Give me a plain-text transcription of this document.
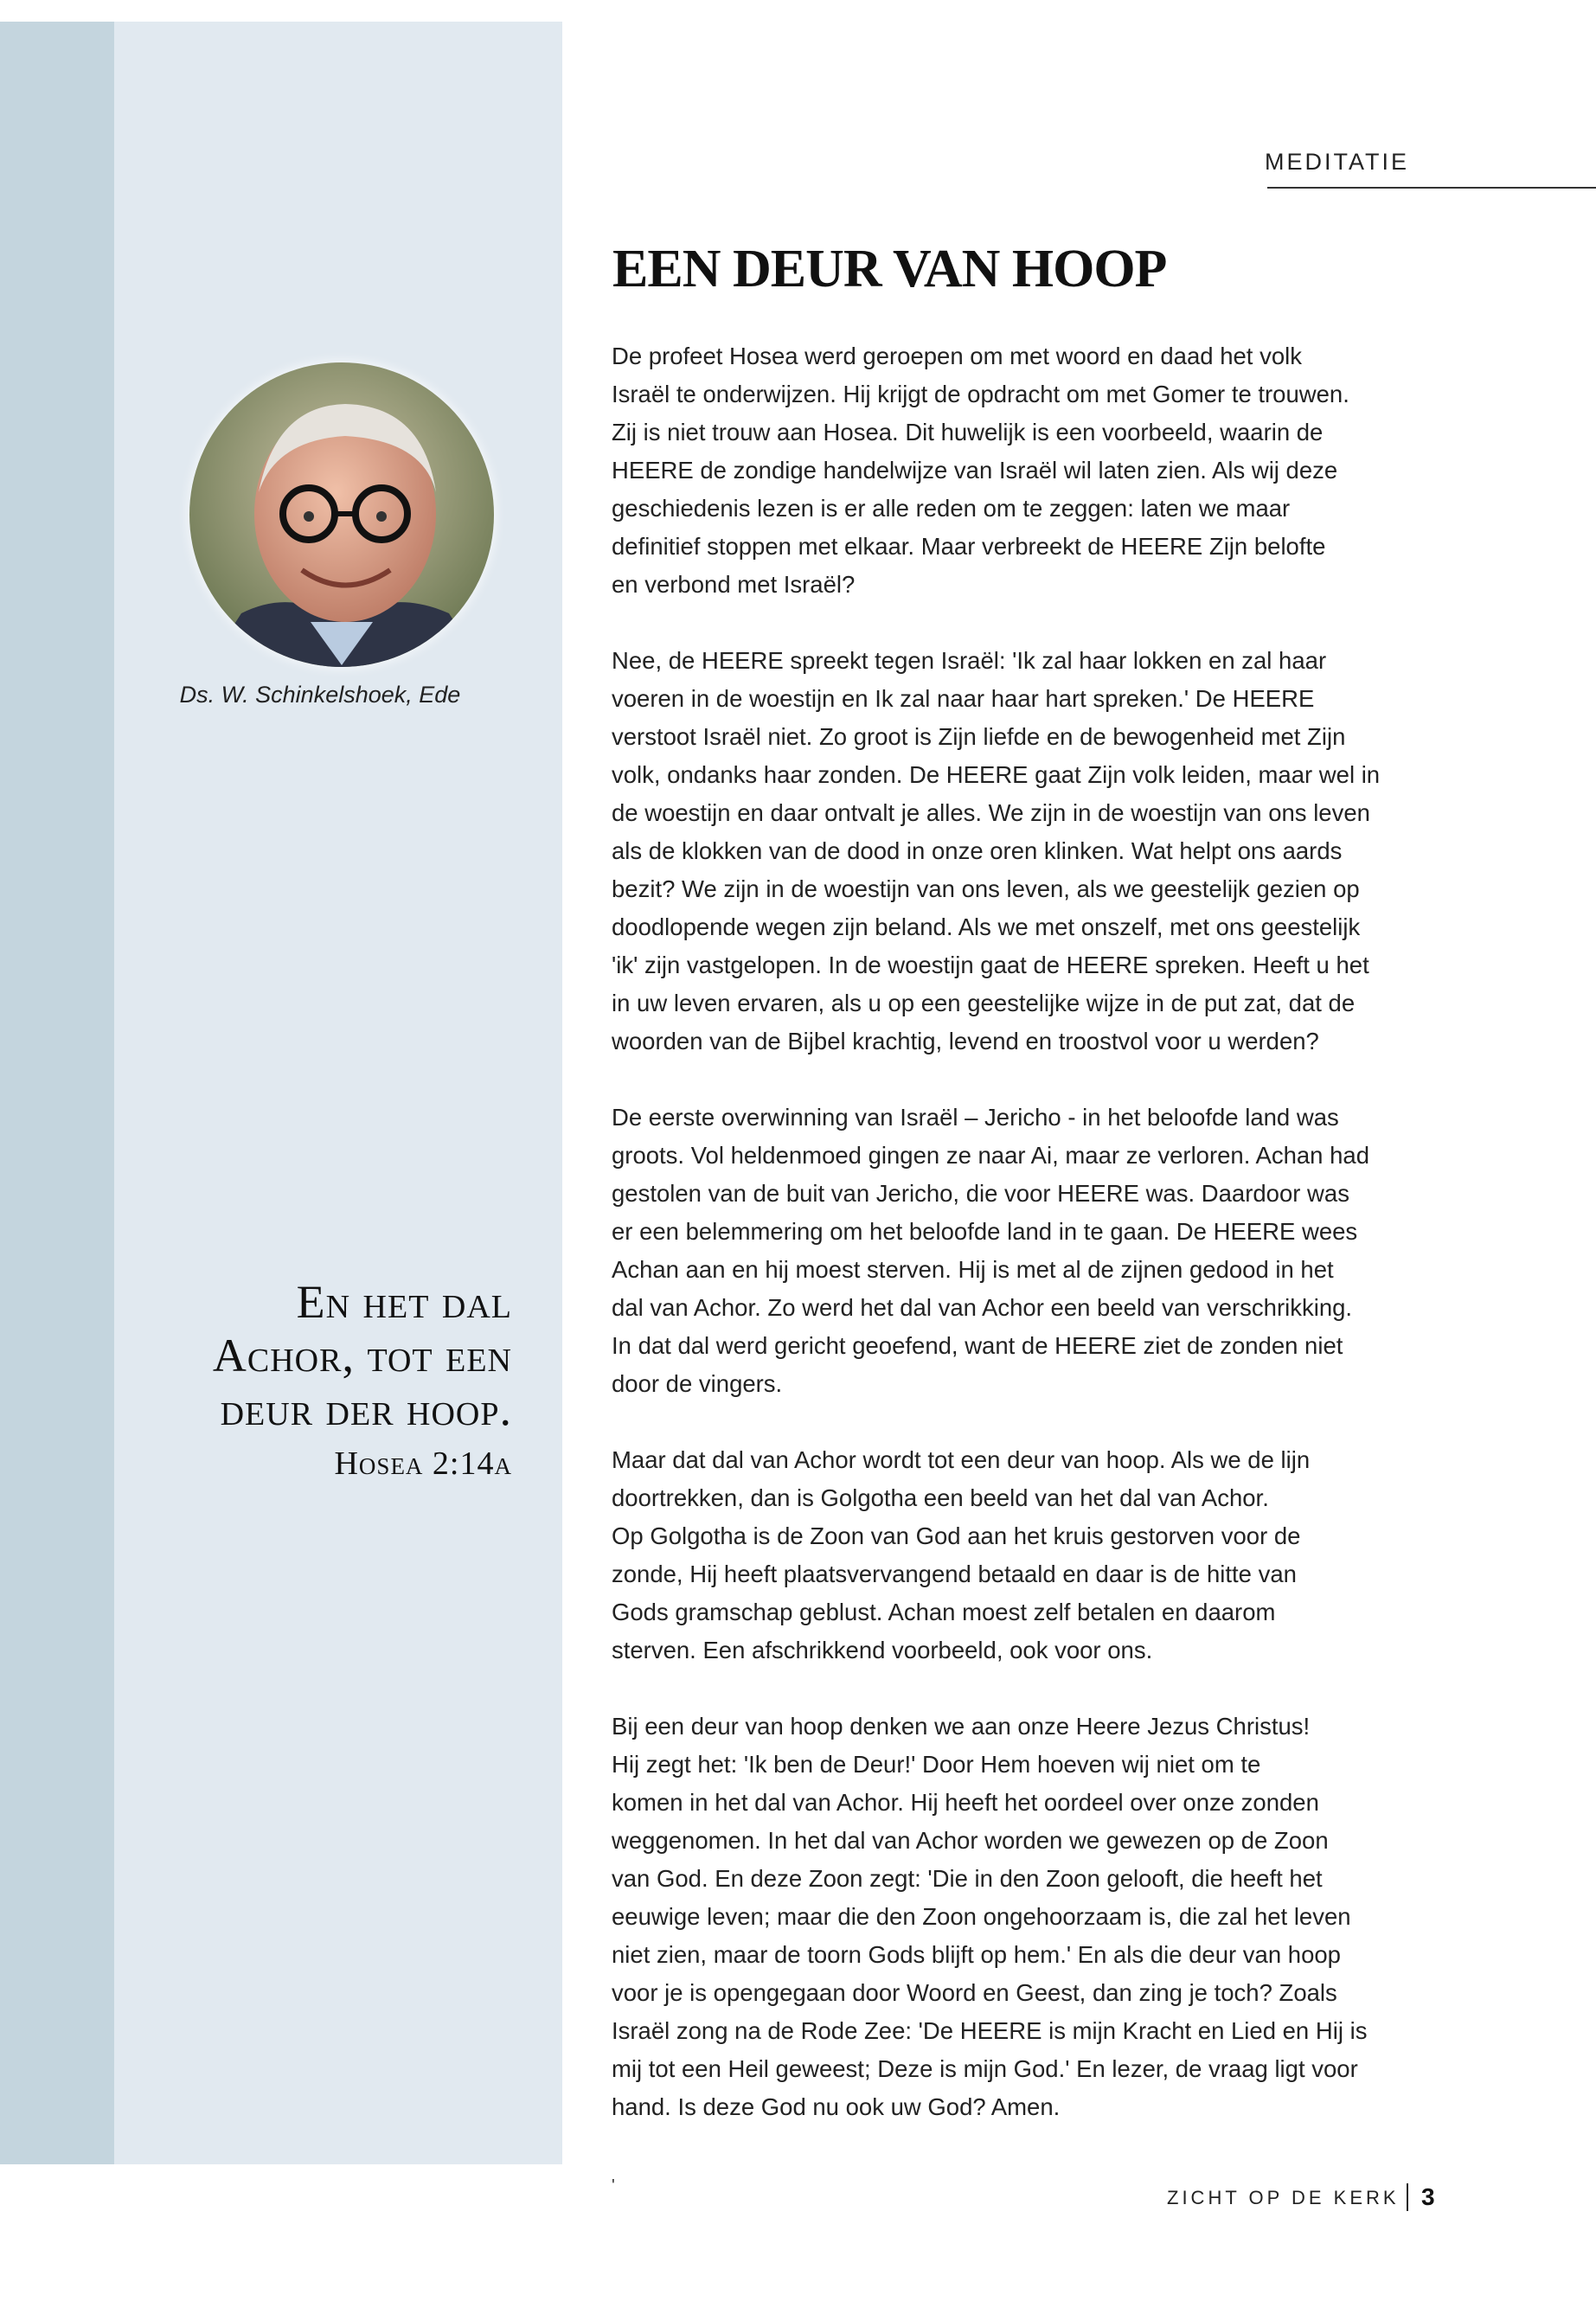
MEDITATIE
EEN DEUR VAN HOOP
Ds. W. Schinkelshoek, Ede
En het dal
Achor, tot een
deur der hoop.
Hosea 2:14a

De profeet Hosea werd geroepen om met woord en daad het volk
Israël te onderwijzen. Hij krijgt de opdracht om met Gomer te trouwen.
Zij is niet trouw aan Hosea. Dit huwelijk is een voorbeeld, waarin de
HEERE de zondige handelwijze van Israël wil laten zien. Als wij deze
geschiedenis lezen is er alle reden om te zeggen: laten we maar
definitief stoppen met elkaar. Maar verbreekt de HEERE Zijn belofte
en verbond met Israël?

Nee, de HEERE spreekt tegen Israël: 'Ik zal haar lokken en zal haar
voeren in de woestijn en Ik zal naar haar hart spreken.' De HEERE
verstoot Israël niet. Zo groot is Zijn liefde en de bewogenheid met Zijn
volk, ondanks haar zonden. De HEERE gaat Zijn volk leiden, maar wel in
de woestijn en daar ontvalt je alles. We zijn in de woestijn van ons leven
als de klokken van de dood in onze oren klinken. Wat helpt ons aards
bezit? We zijn in de woestijn van ons leven, als we geestelijk gezien op
doodlopende wegen zijn beland. Als we met onszelf, met ons geestelijk
'ik' zijn vastgelopen. In de woestijn gaat de HEERE spreken. Heeft u het
in uw leven ervaren, als u op een geestelijke wijze in de put zat, dat de
woorden van de Bijbel krachtig, levend en troostvol voor u werden?

De eerste overwinning van Israël – Jericho - in het beloofde land was
groots. Vol heldenmoed gingen ze naar Ai, maar ze verloren. Achan had
gestolen van de buit van Jericho, die voor HEERE was. Daardoor was
er een belemmering om het beloofde land in te gaan. De HEERE wees
Achan aan en hij moest sterven. Hij is met al de zijnen gedood in het
dal van Achor. Zo werd het dal van Achor een beeld van verschrikking.
In dat dal werd gericht geoefend, want de HEERE ziet de zonden niet
door de vingers.

Maar dat dal van Achor wordt tot een deur van hoop. Als we de lijn
doortrekken, dan is Golgotha een beeld van het dal van Achor.
Op Golgotha is de Zoon van God aan het kruis gestorven voor de
zonde, Hij heeft plaatsvervangend betaald en daar is de hitte van
Gods gramschap geblust. Achan moest zelf betalen en daarom
sterven. Een afschrikkend voorbeeld, ook voor ons.

Bij een deur van hoop denken we aan onze Heere Jezus Christus!
Hij zegt het: 'Ik ben de Deur!' Door Hem hoeven wij niet om te
komen in het dal van Achor. Hij heeft het oordeel over onze zonden
weggenomen. In het dal van Achor worden we gewezen op de Zoon
van God. En deze Zoon zegt: 'Die in den Zoon gelooft, die heeft het
eeuwige leven; maar die den Zoon ongehoorzaam is, die zal het leven
niet zien, maar de toorn Gods blijft op hem.' En als die deur van hoop
voor je is opengegaan door Woord en Geest, dan zing je toch? Zoals
Israël zong na de Rode Zee: 'De HEERE is mijn Kracht en Lied en Hij is
mij tot een Heil geweest; Deze is mijn God.' En lezer, de vraag ligt voor
hand. Is deze God nu ook uw God? Amen.

'
ZICHT OP DE KERK 3
